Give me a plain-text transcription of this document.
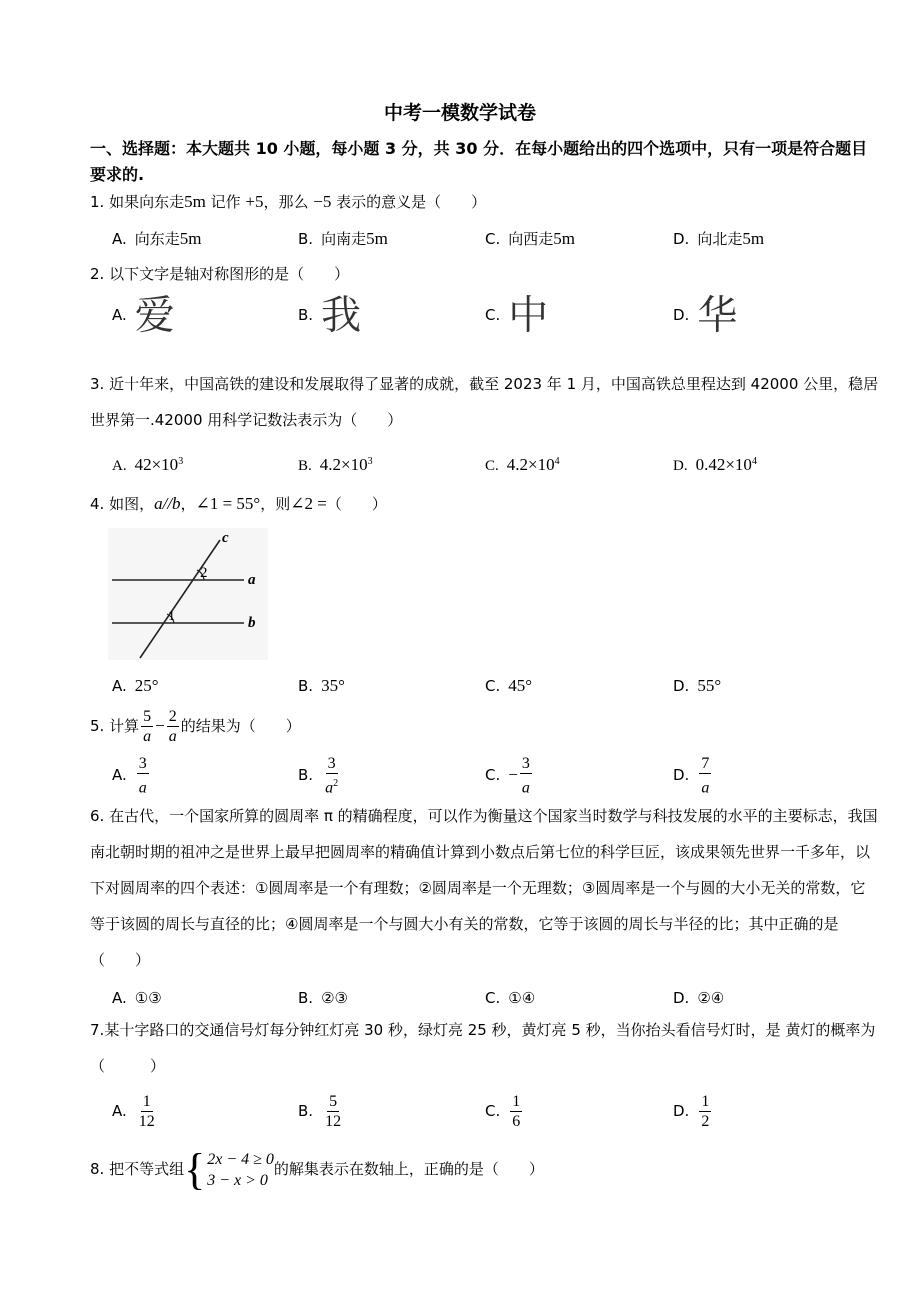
中考一模数学试卷
一、选择题：本大题共 10 小题，每小题 3 分，共 30 分．在每小题给出的四个选项中，只有一项是符合题目要求的.
1. 如果向东走5m 记作 +5，那么 −5 表示的意义是（　　）
A. 向东走5m	B. 向南走5m	C. 向西走5m	D. 向北走5m
2. 以下文字是轴对称图形的是（　　）
A. 爱	B. 我	C. 中	D. 华
3. 近十年来，中国高铁的建设和发展取得了显著的成就，截至 2023 年 1 月，中国高铁总里程达到 42000 公里，稳居世界第一.42000 用科学记数法表示为（　　）
A. $42\times 10^3$	B. $4.2\times 10^3$	C. $4.2\times 10^4$	D. $0.42\times 10^4$
4. 如图，a//b，∠1 = 55°，则∠2 =（　　）
c
a
b
2
1
A. 25°	B. 35°	C. 45°	D. 55°
5. 计算 $\frac{5}{a} - \frac{2}{a}$ 的结果为（　　）
A. $\frac{3}{a}$	B. $\frac{3}{a^2}$	C. − $\frac{3}{a}$	D. $\frac{7}{a}$
6. 在古代，一个国家所算的圆周率 π 的精确程度，可以作为衡量这个国家当时数学与科技发展的水平的主要标志，我国南北朝时期的祖冲之是世界上最早把圆周率的精确值计算到小数点后第七位的科学巨匠，该成果领先世界一千多年，以下对圆周率的四个表述：①圆周率是一个有理数；②圆周率是一个无理数；③圆周率是一个与圆的大小无关的常数，它等于该圆的周长与直径的比；④圆周率是一个与圆大小有关的常数，它等于该圆的周长与半径的比；其中正确的是（　　）
A. ①③	B. ②③	C. ①④	D. ②④
7.某十字路口的交通信号灯每分钟红灯亮 30 秒，绿灯亮 25 秒，黄灯亮 5 秒，当你抬头看信号灯时，是 黄灯的概率为（　　　）
A. $\frac{1}{12}$	B. $\frac{5}{12}$	C. $\frac{1}{6}$	D. $\frac{1}{2}$
8. 把不等式组 { 2x − 4 ≥ 0
3 − x > 0
的解集表示在数轴上，正确的是（　　）
